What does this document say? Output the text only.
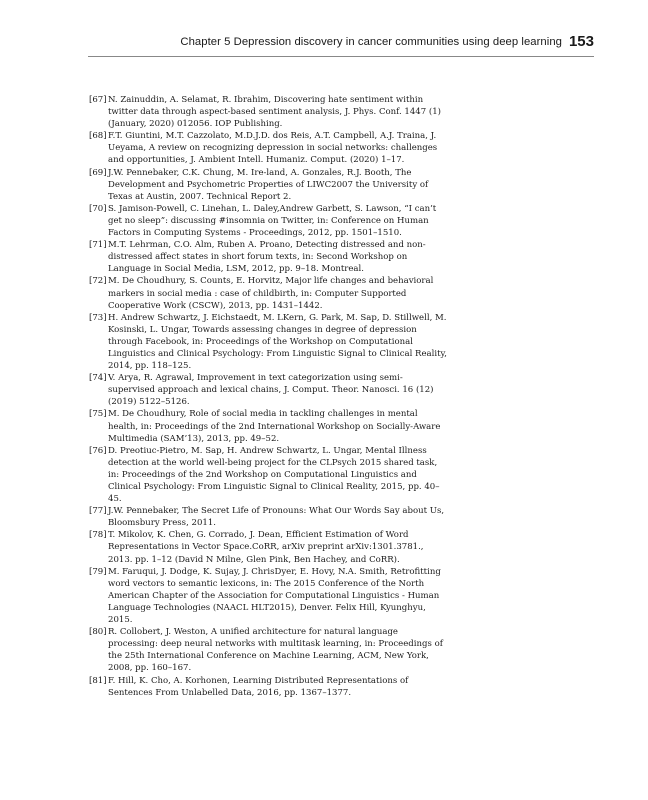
Chapter 5 Depression discovery in cancer communities using deep learning 153
[67] N. Zainuddin, A. Selamat, R. Ibrahim, Discovering hate sentiment within twitter data through aspect-based sentiment analysis, J. Phys. Conf. 1447 (1) (January, 2020) 012056. IOP Publishing.
[68] F.T. Giuntini, M.T. Cazzolato, M.D.J.D. dos Reis, A.T. Campbell, A.J. Traina, J. Ueyama, A review on recognizing depression in social networks: challenges and opportunities, J. Ambient Intell. Humaniz. Comput. (2020) 1–17.
[69] J.W. Pennebaker, C.K. Chung, M. Ire-land, A. Gonzales, R.J. Booth, The Development and Psychometric Properties of LIWC2007 the University of Texas at Austin, 2007. Technical Report 2.
[70] S. Jamison-Powell, C. Linehan, L. Daley,Andrew Garbett, S. Lawson, “I can’t get no sleep”: discussing #insomnia on Twitter, in: Conference on Human Factors in Computing Systems - Proceedings, 2012, pp. 1501–1510.
[71] M.T. Lehrman, C.O. Alm, Ruben A. Proano, Detecting distressed and non-distressed affect states in short forum texts, in: Second Workshop on Language in Social Media, LSM, 2012, pp. 9–18. Montreal.
[72] M. De Choudhury, S. Counts, E. Horvitz, Major life changes and behavioral markers in social media : case of childbirth, in: Computer Supported Cooperative Work (CSCW), 2013, pp. 1431–1442.
[73] H. Andrew Schwartz, J. Eichstaedt, M. LKern, G. Park, M. Sap, D. Stillwell, M. Kosinski, L. Ungar, Towards assessing changes in degree of depression through Facebook, in: Proceedings of the Workshop on Computational Linguistics and Clinical Psychology: From Linguistic Signal to Clinical Reality, 2014, pp. 118–125.
[74] V. Arya, R. Agrawal, Improvement in text categorization using semi-supervised approach and lexical chains, J. Comput. Theor. Nanosci. 16 (12) (2019) 5122–5126.
[75] M. De Choudhury, Role of social media in tackling challenges in mental health, in: Proceedings of the 2nd International Workshop on Socially-Aware Multimedia (SAM’13), 2013, pp. 49–52.
[76] D. Preotiuc-Pietro, M. Sap, H. Andrew Schwartz, L. Ungar, Mental Illness detection at the world well-being project for the CLPsych 2015 shared task, in: Proceedings of the 2nd Workshop on Computational Linguistics and Clinical Psychology: From Linguistic Signal to Clinical Reality, 2015, pp. 40–45.
[77] J.W. Pennebaker, The Secret Life of Pronouns: What Our Words Say about Us, Bloomsbury Press, 2011.
[78] T. Mikolov, K. Chen, G. Corrado, J. Dean, Efficient Estimation of Word Representations in Vector Space.CoRR, arXiv preprint arXiv:1301.3781., 2013. pp. 1–12 (David N Milne, Glen Pink, Ben Hachey, and CoRR).
[79] M. Faruqui, J. Dodge, K. Sujay, J. ChrisDyer, E. Hovy, N.A. Smith, Retrofitting word vectors to semantic lexicons, in: The 2015 Conference of the North American Chapter of the Association for Computational Linguistics - Human Language Technologies (NAACL HLT2015), Denver. Felix Hill, Kyunghyu, 2015.
[80] R. Collobert, J. Weston, A unified architecture for natural language processing: deep neural networks with multitask learning, in: Proceedings of the 25th International Conference on Machine Learning, ACM, New York, 2008, pp. 160–167.
[81] F. Hill, K. Cho, A. Korhonen, Learning Distributed Representations of Sentences From Unlabelled Data, 2016, pp. 1367–1377.
